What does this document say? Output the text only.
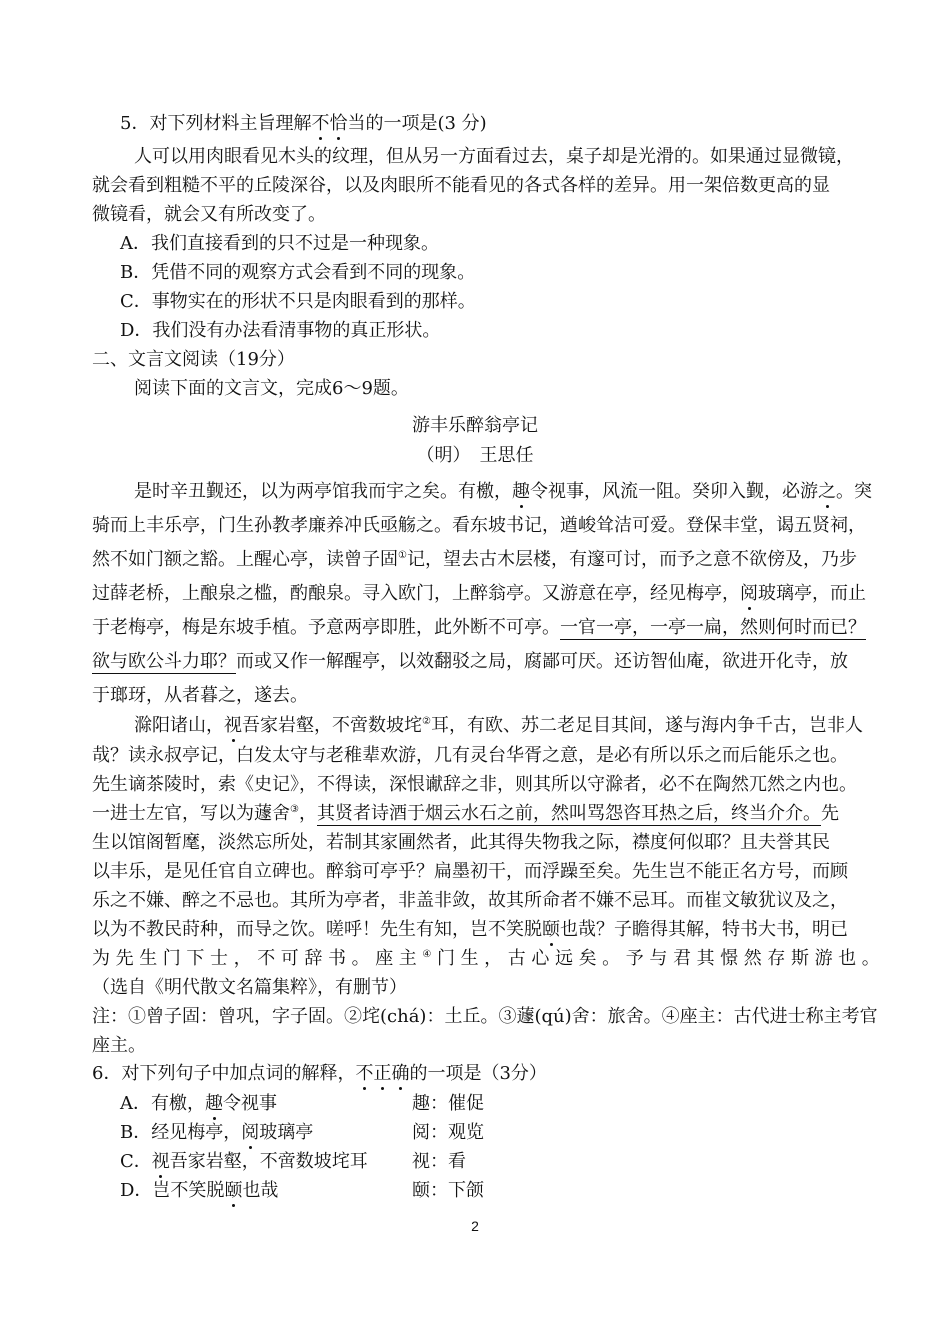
5．对下列材料主旨理解不恰当的一项是(3 分)
人可以用肉眼看见木头的纹理，但从另一方面看过去，桌子却是光滑的。如果通过显微镜，
就会看到粗糙不平的丘陵深谷，以及肉眼所不能看见的各式各样的差异。用一架倍数更高的显
微镜看，就会又有所改变了。
A．我们直接看到的只不过是一种现象。
B．凭借不同的观察方式会看到不同的现象。
C．事物实在的形状不只是肉眼看到的那样。
D．我们没有办法看清事物的真正形状。
二、文言文阅读（19分）
阅读下面的文言文，完成6～9题。
游丰乐醉翁亭记
（明）　王思任
是时辛丑觐还，以为两亭馆我而宇之矣。有檄，趣令视事，风流一阻。癸卯入觐，必游之。突
骑而上丰乐亭，门生孙教孝廉养冲氏亟觞之。看东坡书记，遒峻耸洁可爱。登保丰堂，谒五贤祠，
然不如门额之豁。上醒心亭，读曾子固①记，望去古木层楼，有邃可讨，而予之意不欲傍及，乃步
过薛老桥，上酿泉之槛，酌酿泉。寻入欧门，上醉翁亭。又游意在亭，经见梅亭，阅玻璃亭，而止
于老梅亭，梅是东坡手植。予意两亭即胜，此外断不可亭。一官一亭，一亭一扁，然则何时而已？
欲与欧公斗力耶？而或又作一解醒亭，以效翻驳之局，腐鄙可厌。还访智仙庵，欲进开化寺，放
于瑯玡，从者暮之，遂去。
滁阳诸山，视吾家岩壑，不啻数坡垞②耳，有欧、苏二老足目其间，遂与海内争千古，岂非人
哉？读永叔亭记，白发太守与老稚辈欢游，几有灵台华胥之意，是必有所以乐之而后能乐之也。
先生谪茶陵时，索《史记》，不得读，深恨谳辞之非，则其所以守滁者，必不在陶然兀然之内也。
一进士左官，写以为蘧舍③，其贤者诗酒于烟云水石之前，然叫骂怨咨耳热之后，终当介介。先
生以馆阁暂麾，淡然忘所处，若制其家圃然者，此其得失物我之际，襟度何似耶？且夫誉其民
以丰乐，是见任官自立碑也。醉翁可亭乎？扁墨初干，而浮躁至矣。先生岂不能正名方号，而顾
乐之不嫌、醉之不忌也。其所为亭者，非盖非敛，故其所命者不嫌不忌耳。而崔文敏犹议及之，
以为不教民莳种，而导之饮。嗟呼！先生有知，岂不笑脱颐也哉？子瞻得其解，特书大书，明已
为先生门下士，不可辞书。座主④门生，古心远矣。予与君其憬然存斯游也。
（选自《明代散文名篇集粹》，有删节）
注：①曾子固：曾巩，字子固。②垞(chá)：土丘。③蘧(qú)舍：旅舍。④座主：古代进士称主考官
座主。
6．对下列句子中加点词的解释，不正确的一项是（3分）
A．有檄，趣令视事	趣：催促
B．经见梅亭，阅玻璃亭	阅：观览
C．视吾家岩壑，不啻数坡垞耳 视：看
D．岂不笑脱颐也哉	颐：下颌
2
